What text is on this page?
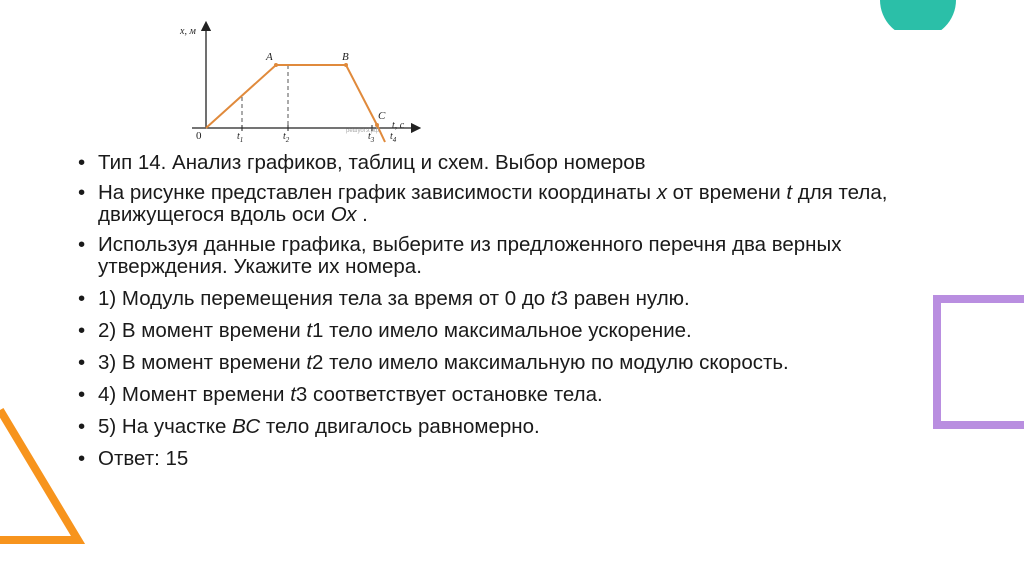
x, м
0
A	B
C
$t_1$	$t_2$	$t_3$ $t_4$
t, с
решуогэ.рф
• Тип 14. Анализ графиков, таблиц и схем. Выбор номеров
• На рисунке представлен график зависимости координаты x от времени t для тела, движущегося вдоль оси Ох .
• Используя данные графика, выберите из предложенного перечня два верных утверждения. Укажите их номера.
• 1) Модуль перемещения тела за время от 0 до t3 равен нулю.
• 2) В момент времени t1 тело имело максимальное ускорение.
• 3) В момент времени t2 тело имело максимальную по модулю скорость.
• 4) Момент времени t3 соответствует остановке тела.
• 5) На участке ВС тело двигалось равномерно.
• Ответ: 15
